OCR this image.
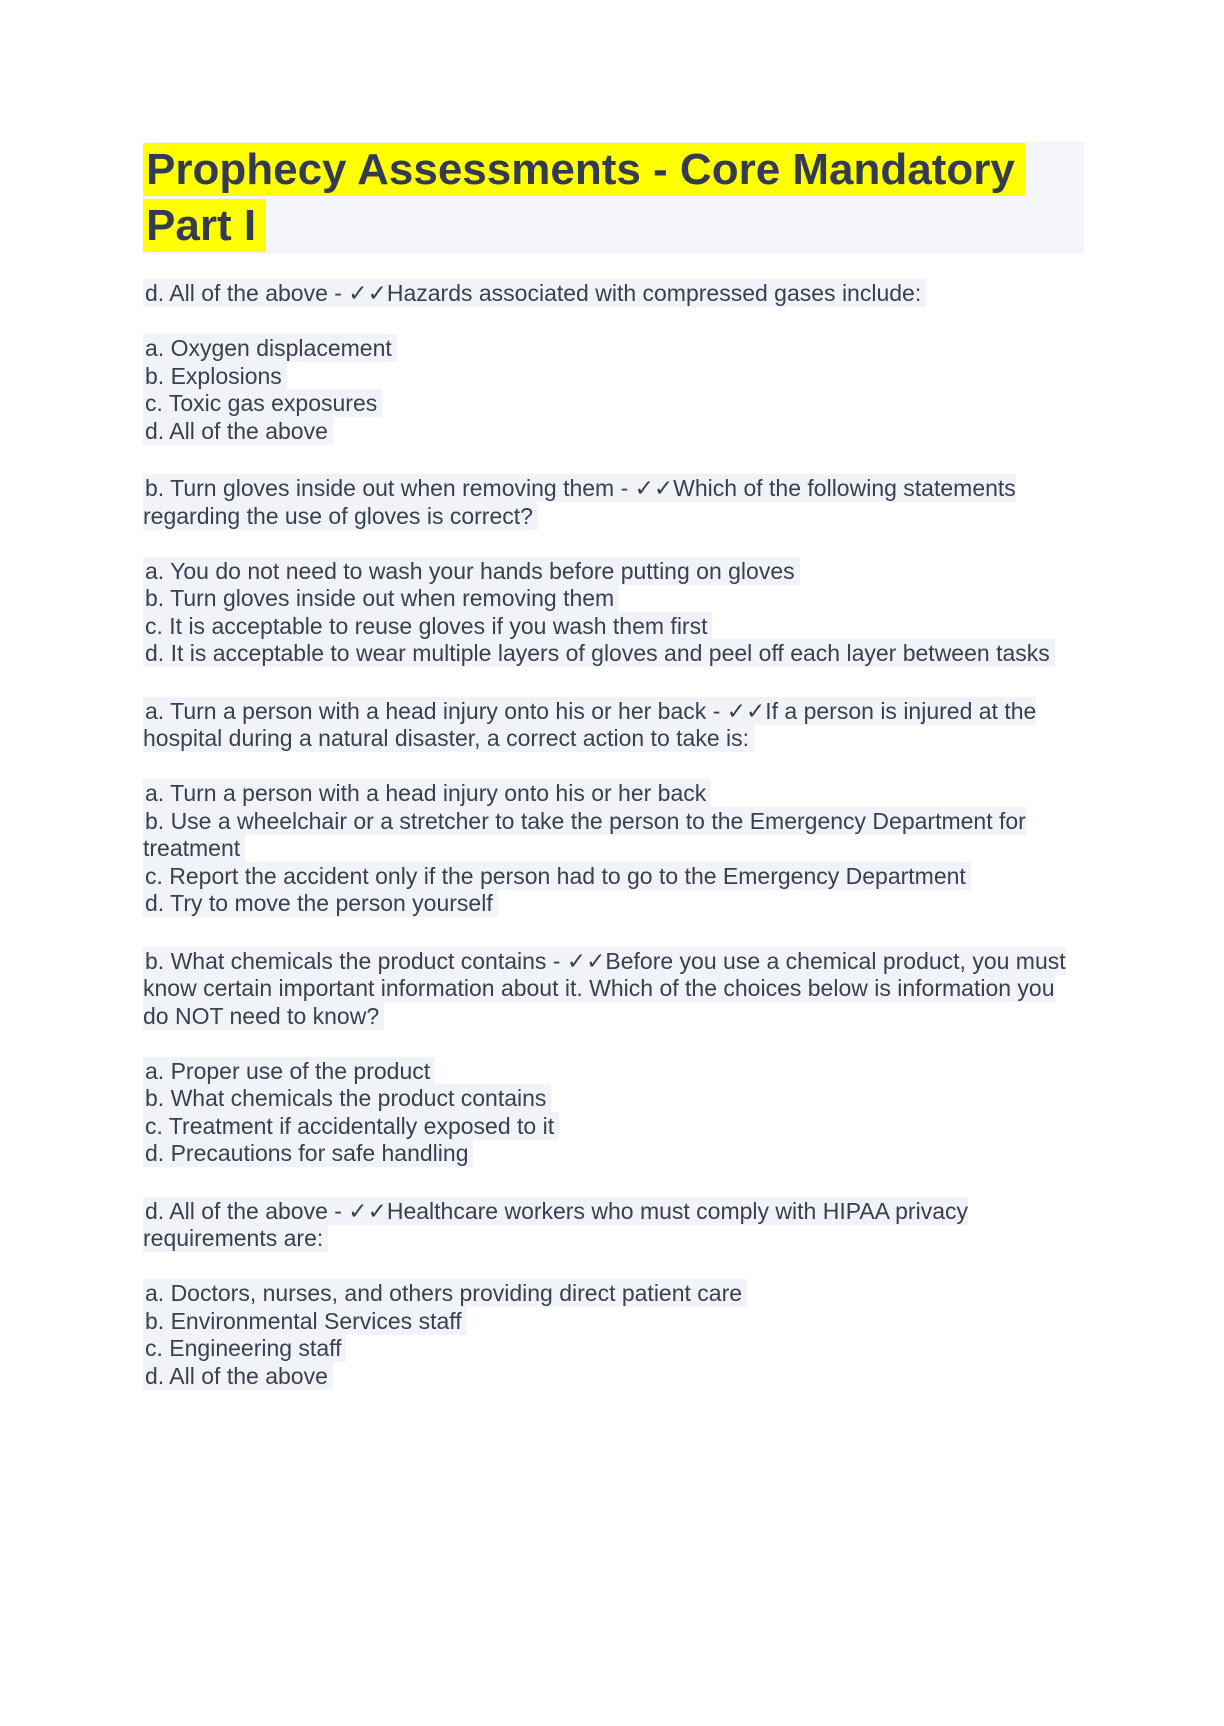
Prophecy Assessments - Core Mandatory Part I

d. All of the above - ✓✓Hazards associated with compressed gases include:

a. Oxygen displacement
b. Explosions
c. Toxic gas exposures
d. All of the above

b. Turn gloves inside out when removing them - ✓✓Which of the following statements regarding the use of gloves is correct?

a. You do not need to wash your hands before putting on gloves
b. Turn gloves inside out when removing them
c. It is acceptable to reuse gloves if you wash them first
d. It is acceptable to wear multiple layers of gloves and peel off each layer between tasks

a. Turn a person with a head injury onto his or her back - ✓✓If a person is injured at the hospital during a natural disaster, a correct action to take is:

a. Turn a person with a head injury onto his or her back
b. Use a wheelchair or a stretcher to take the person to the Emergency Department for treatment
c. Report the accident only if the person had to go to the Emergency Department
d. Try to move the person yourself

b. What chemicals the product contains - ✓✓Before you use a chemical product, you must know certain important information about it. Which of the choices below is information you do NOT need to know?

a. Proper use of the product
b. What chemicals the product contains
c. Treatment if accidentally exposed to it
d. Precautions for safe handling

d. All of the above - ✓✓Healthcare workers who must comply with HIPAA privacy requirements are:

a. Doctors, nurses, and others providing direct patient care
b. Environmental Services staff
c. Engineering staff
d. All of the above
